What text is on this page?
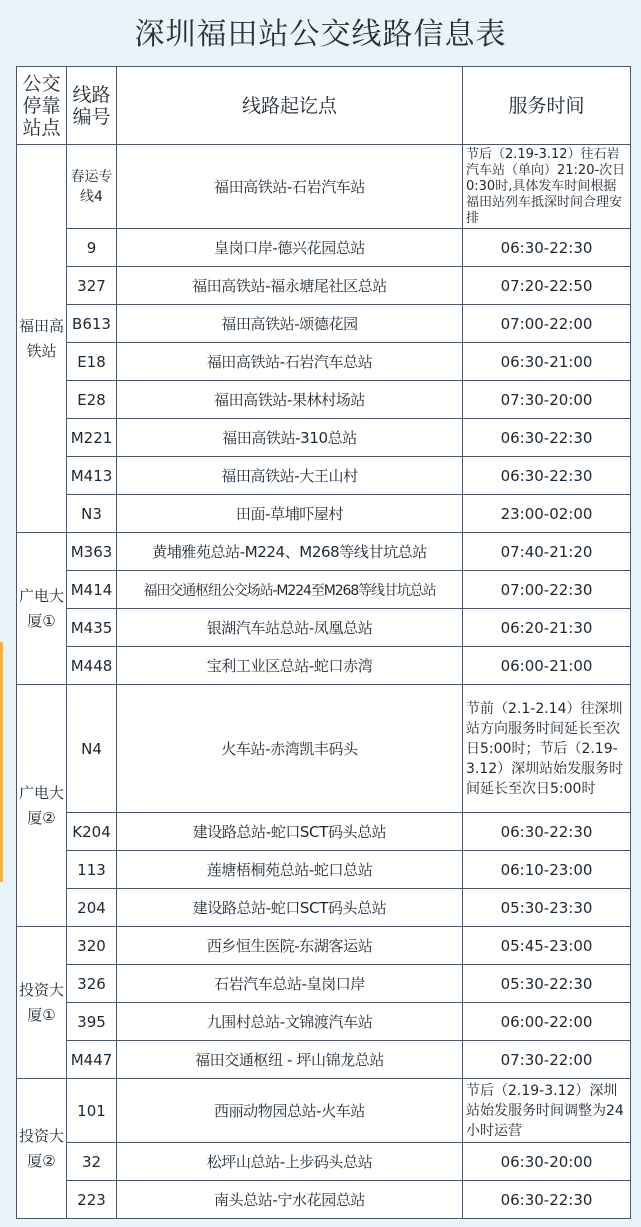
深圳福田站公交线路信息表
公交停靠站点	线路编号	线路起讫点	服务时间
福田高铁站	春运专线4	福田高铁站-石岩汽车站	节后（2.19-3.12）往石岩汽车站（单向）21:20-次日0:30时,具体发车时间根据福田站列车抵深时间合理安排
	9	皇岗口岸-德兴花园总站	06:30-22:30
	327	福田高铁站-福永塘尾社区总站	07:20-22:50
	B613	福田高铁站-颂德花园	07:00-22:00
	E18	福田高铁站-石岩汽车总站	06:30-21:00
	E28	福田高铁站-果林村场站	07:30-20:00
	M221	福田高铁站-310总站	06:30-22:30
	M413	福田高铁站-大王山村	06:30-22:30
	N3	田面-草埔吓屋村	23:00-02:00
广电大厦①	M363	黄埔雅苑总站-M224、M268等线甘坑总站	07:40-21:20
	M414	福田交通枢纽公交场站-M224至M268等线甘坑总站	07:00-22:30
	M435	银湖汽车站总站-凤凰总站	06:20-21:30
	M448	宝利工业区总站-蛇口赤湾	06:00-21:00
广电大厦②	N4	火车站-赤湾凯丰码头	节前（2.1-2.14）往深圳站方向服务时间延长至次日5:00时；节后（2.19-3.12）深圳站始发服务时间延长至次日5:00时
	K204	建设路总站-蛇口SCT码头总站	06:30-22:30
	113	莲塘梧桐苑总站-蛇口总站	06:10-23:00
	204	建设路总站-蛇口SCT码头总站	05:30-23:30
投资大厦①	320	西乡恒生医院-东湖客运站	05:45-23:00
	326	石岩汽车总站-皇岗口岸	05:30-22:30
	395	九围村总站-文锦渡汽车站	06:00-22:00
	M447	福田交通枢纽 - 坪山锦龙总站	07:30-22:00
投资大厦②	101	西丽动物园总站-火车站	节后（2.19-3.12）深圳站始发服务时间调整为24小时运营
	32	松坪山总站-上步码头总站	06:30-20:00
	223	南头总站-宁水花园总站	06:30-22:30
